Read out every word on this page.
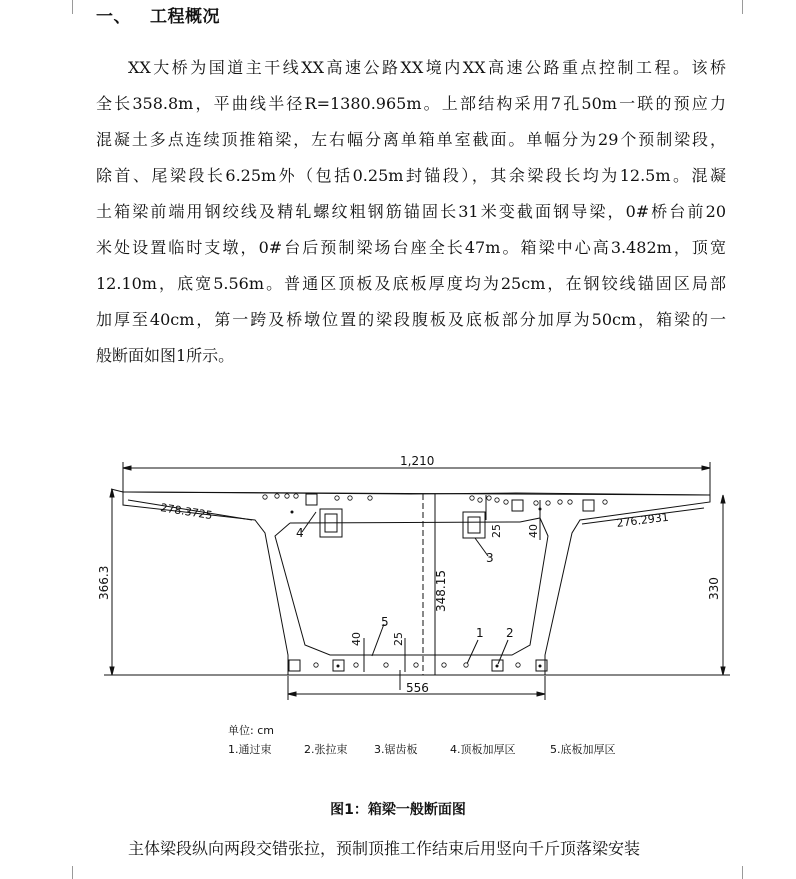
一、 工程概况

XX大桥为国道主干线XX高速公路XX境内XX高速公路重点控制工程。该桥
全长358.8m，平曲线半径R=1380.965m。上部结构采用7孔50m一联的预应力
混凝土多点连续顶推箱梁，左右幅分离单箱单室截面。单幅分为29个预制梁段，
除首、尾梁段长6.25m外（包括0.25m封锚段），其余梁段长均为12.5m。混凝
土箱梁前端用钢绞线及精轧螺纹粗钢筋锚固长31米变截面钢导梁，0#桥台前20
米处设置临时支墩，0#台后预制梁场台座全长47m。箱梁中心高3.482m，顶宽
12.10m，底宽5.56m。普通区顶板及底板厚度均为25cm，在钢铰线锚固区局部
加厚至40cm，第一跨及桥墩位置的梁段腹板及底板部分加厚为50cm，箱梁的一
般断面如图1所示。

1,210
278.3725	276.2931
366.3	330
348.15
25 40
40	25
556
4
3
5
1 2
单位: cm
1.通过束	2.张拉束 3.锯齿板	4.顶板加厚区	5.底板加厚区
图1：箱梁一般断面图

主体梁段纵向两段交错张拉，预制顶推工作结束后用竖向千斤顶落梁安装
